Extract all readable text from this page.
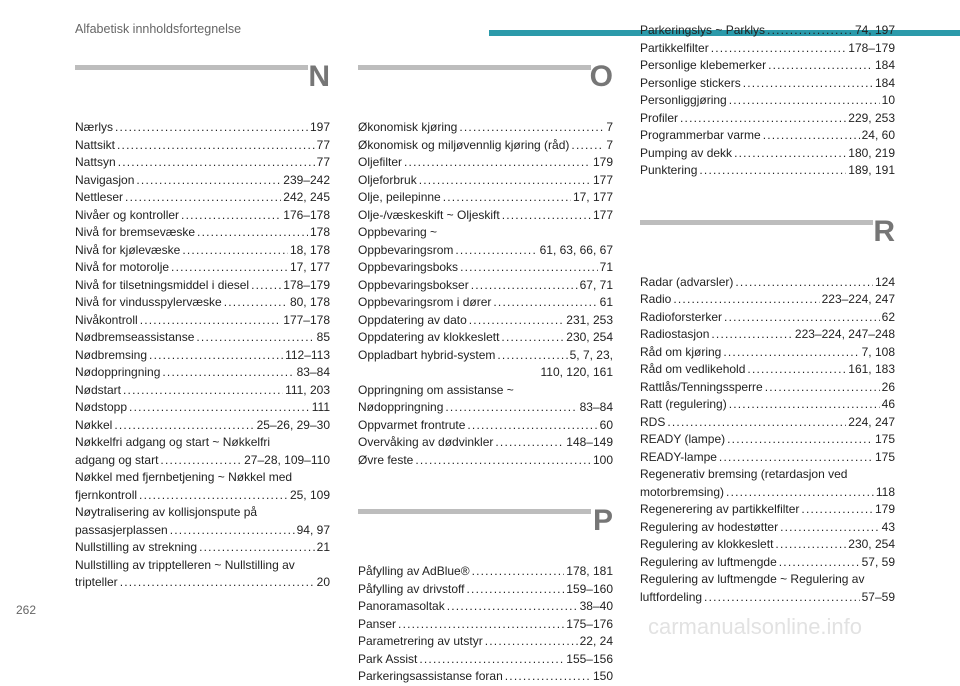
Alfabetisk innholdsfortegnelse
N
Nærlys .....	197
Nattsikt .....	77
Nattsyn .....	77
Navigasjon .....	239–242
Nettleser .....	242, 245
Nivåer og kontroller .....	176–178
Nivå for bremsevæske .....	178
Nivå for kjølevæske .....	18, 178
Nivå for motorolje .....	17, 177
Nivå for tilsetningsmiddel i diesel .....	178–179
Nivå for vindusspylervæske .....	80, 178
Nivåkontroll .....	177–178
Nødbremseassistanse .....	85
Nødbremsing .....	112–113
Nødoppringning .....	83–84
Nødstart .....	111, 203
Nødstopp .....	111
Nøkkel .....	25–26, 29–30
Nøkkelfri adgang og start ~ Nøkkelfri
adgang og start .....	27–28, 109–110
Nøkkel med fjernbetjening ~ Nøkkel med
fjernkontroll .....	25, 109
Nøytralisering av kollisjonspute på
passasjerplassen .....	94, 97
Nullstilling av strekning .....	21
Nullstilling av tripptelleren ~ Nullstilling av
tripteller .....	20
O
Økonomisk kjøring .....	7
Økonomisk og miljøvennlig kjøring (råd) .....	7
Oljefilter .....	179
Oljeforbruk .....	177
Olje, peilepinne .....	17, 177
Olje-/væskeskift ~ Oljeskift .....	177
Oppbevaring ~
Oppbevaringsrom .....	61, 63, 66, 67
Oppbevaringsboks .....	71
Oppbevaringsbokser .....	67, 71
Oppbevaringsrom i dører .....	61
Oppdatering av dato .....	231, 253
Oppdatering av klokkeslett .....	230, 254
Oppladbart hybrid-system .....	5, 7, 23,
110, 120, 161
Oppringning om assistanse ~
Nødoppringning .....	83–84
Oppvarmet frontrute .....	60
Overvåking av dødvinkler .....	148–149
Øvre feste .....	100
P
Påfylling av AdBlue® .....	178, 181
Påfylling av drivstoff .....	159–160
Panoramasoltak .....	38–40
Panser .....	175–176
Parametrering av utstyr .....	22, 24
Park Assist .....	155–156
Parkeringsassistanse foran .....	150
Parkeringslys ~ Parklys .....	74, 197
Partikkelfilter .....	178–179
Personlige klebemerker .....	184
Personlige stickers .....	184
Personliggjøring .....	10
Profiler .....	229, 253
Programmerbar varme .....	24, 60
Pumping av dekk .....	180, 219
Punktering .....	189, 191
R
Radar (advarsler) .....	124
Radio .....	223–224, 247
Radioforsterker .....	62
Radiostasjon .....	223–224, 247–248
Råd om kjøring .....	7, 108
Råd om vedlikehold .....	161, 183
Rattlås/Tenningssperre .....	26
Ratt (regulering) .....	46
RDS .....	224, 247
READY (lampe) .....	175
READY-lampe .....	175
Regenerativ bremsing (retardasjon ved
motorbremsing) .....	118
Regenerering av partikkelfilter .....	179
Regulering av hodestøtter .....	43
Regulering av klokkeslett .....	230, 254
Regulering av luftmengde .....	57, 59
Regulering av luftmengde ~ Regulering av
luftfordeling .....	57–59
262
carmanualsonline.info
